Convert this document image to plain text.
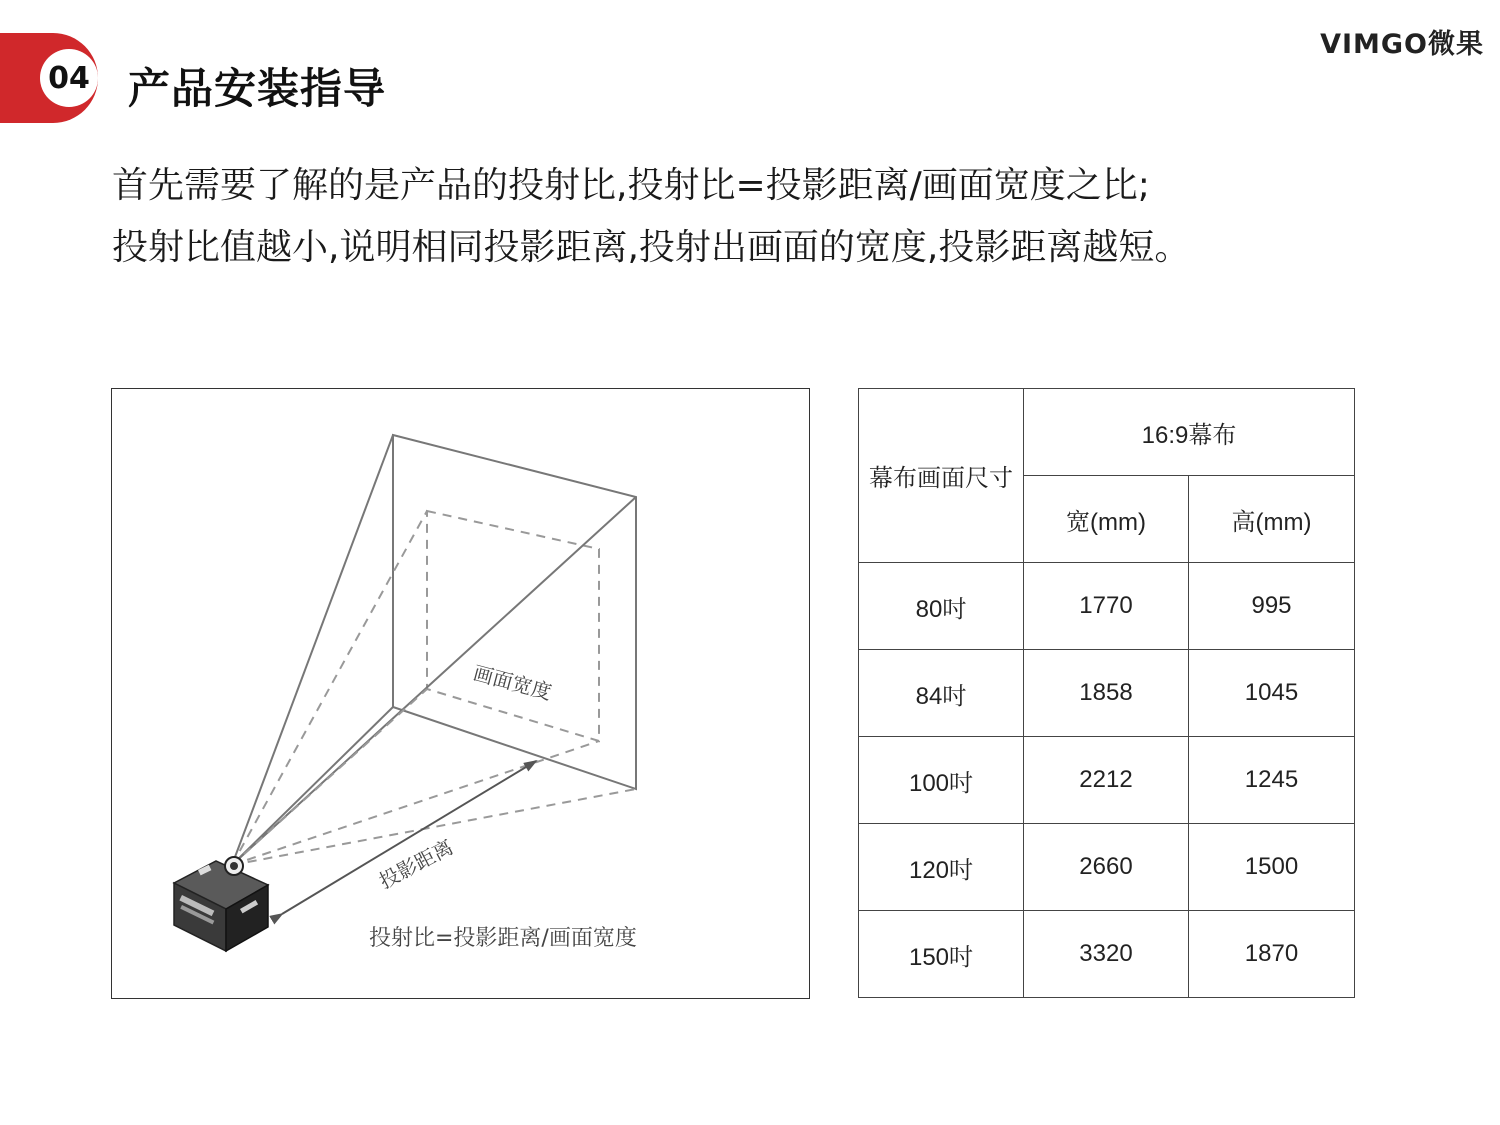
04 产品安装指导
VIMGO微果

首先需要了解的是产品的投射比,投射比=投影距离/画面宽度之比;

投射比值越小,说明相同投影距离,投射出画面的宽度,投影距离越短。

画面宽度
投影距离
投射比=投影距离/画面宽度
幕布画面尺寸	16:9幕布	
	宽(mm)	高(mm)
80吋	1770	995
84吋	1858	1045
100吋	2212	1245
120吋	2660	1500
150吋	3320	1870
